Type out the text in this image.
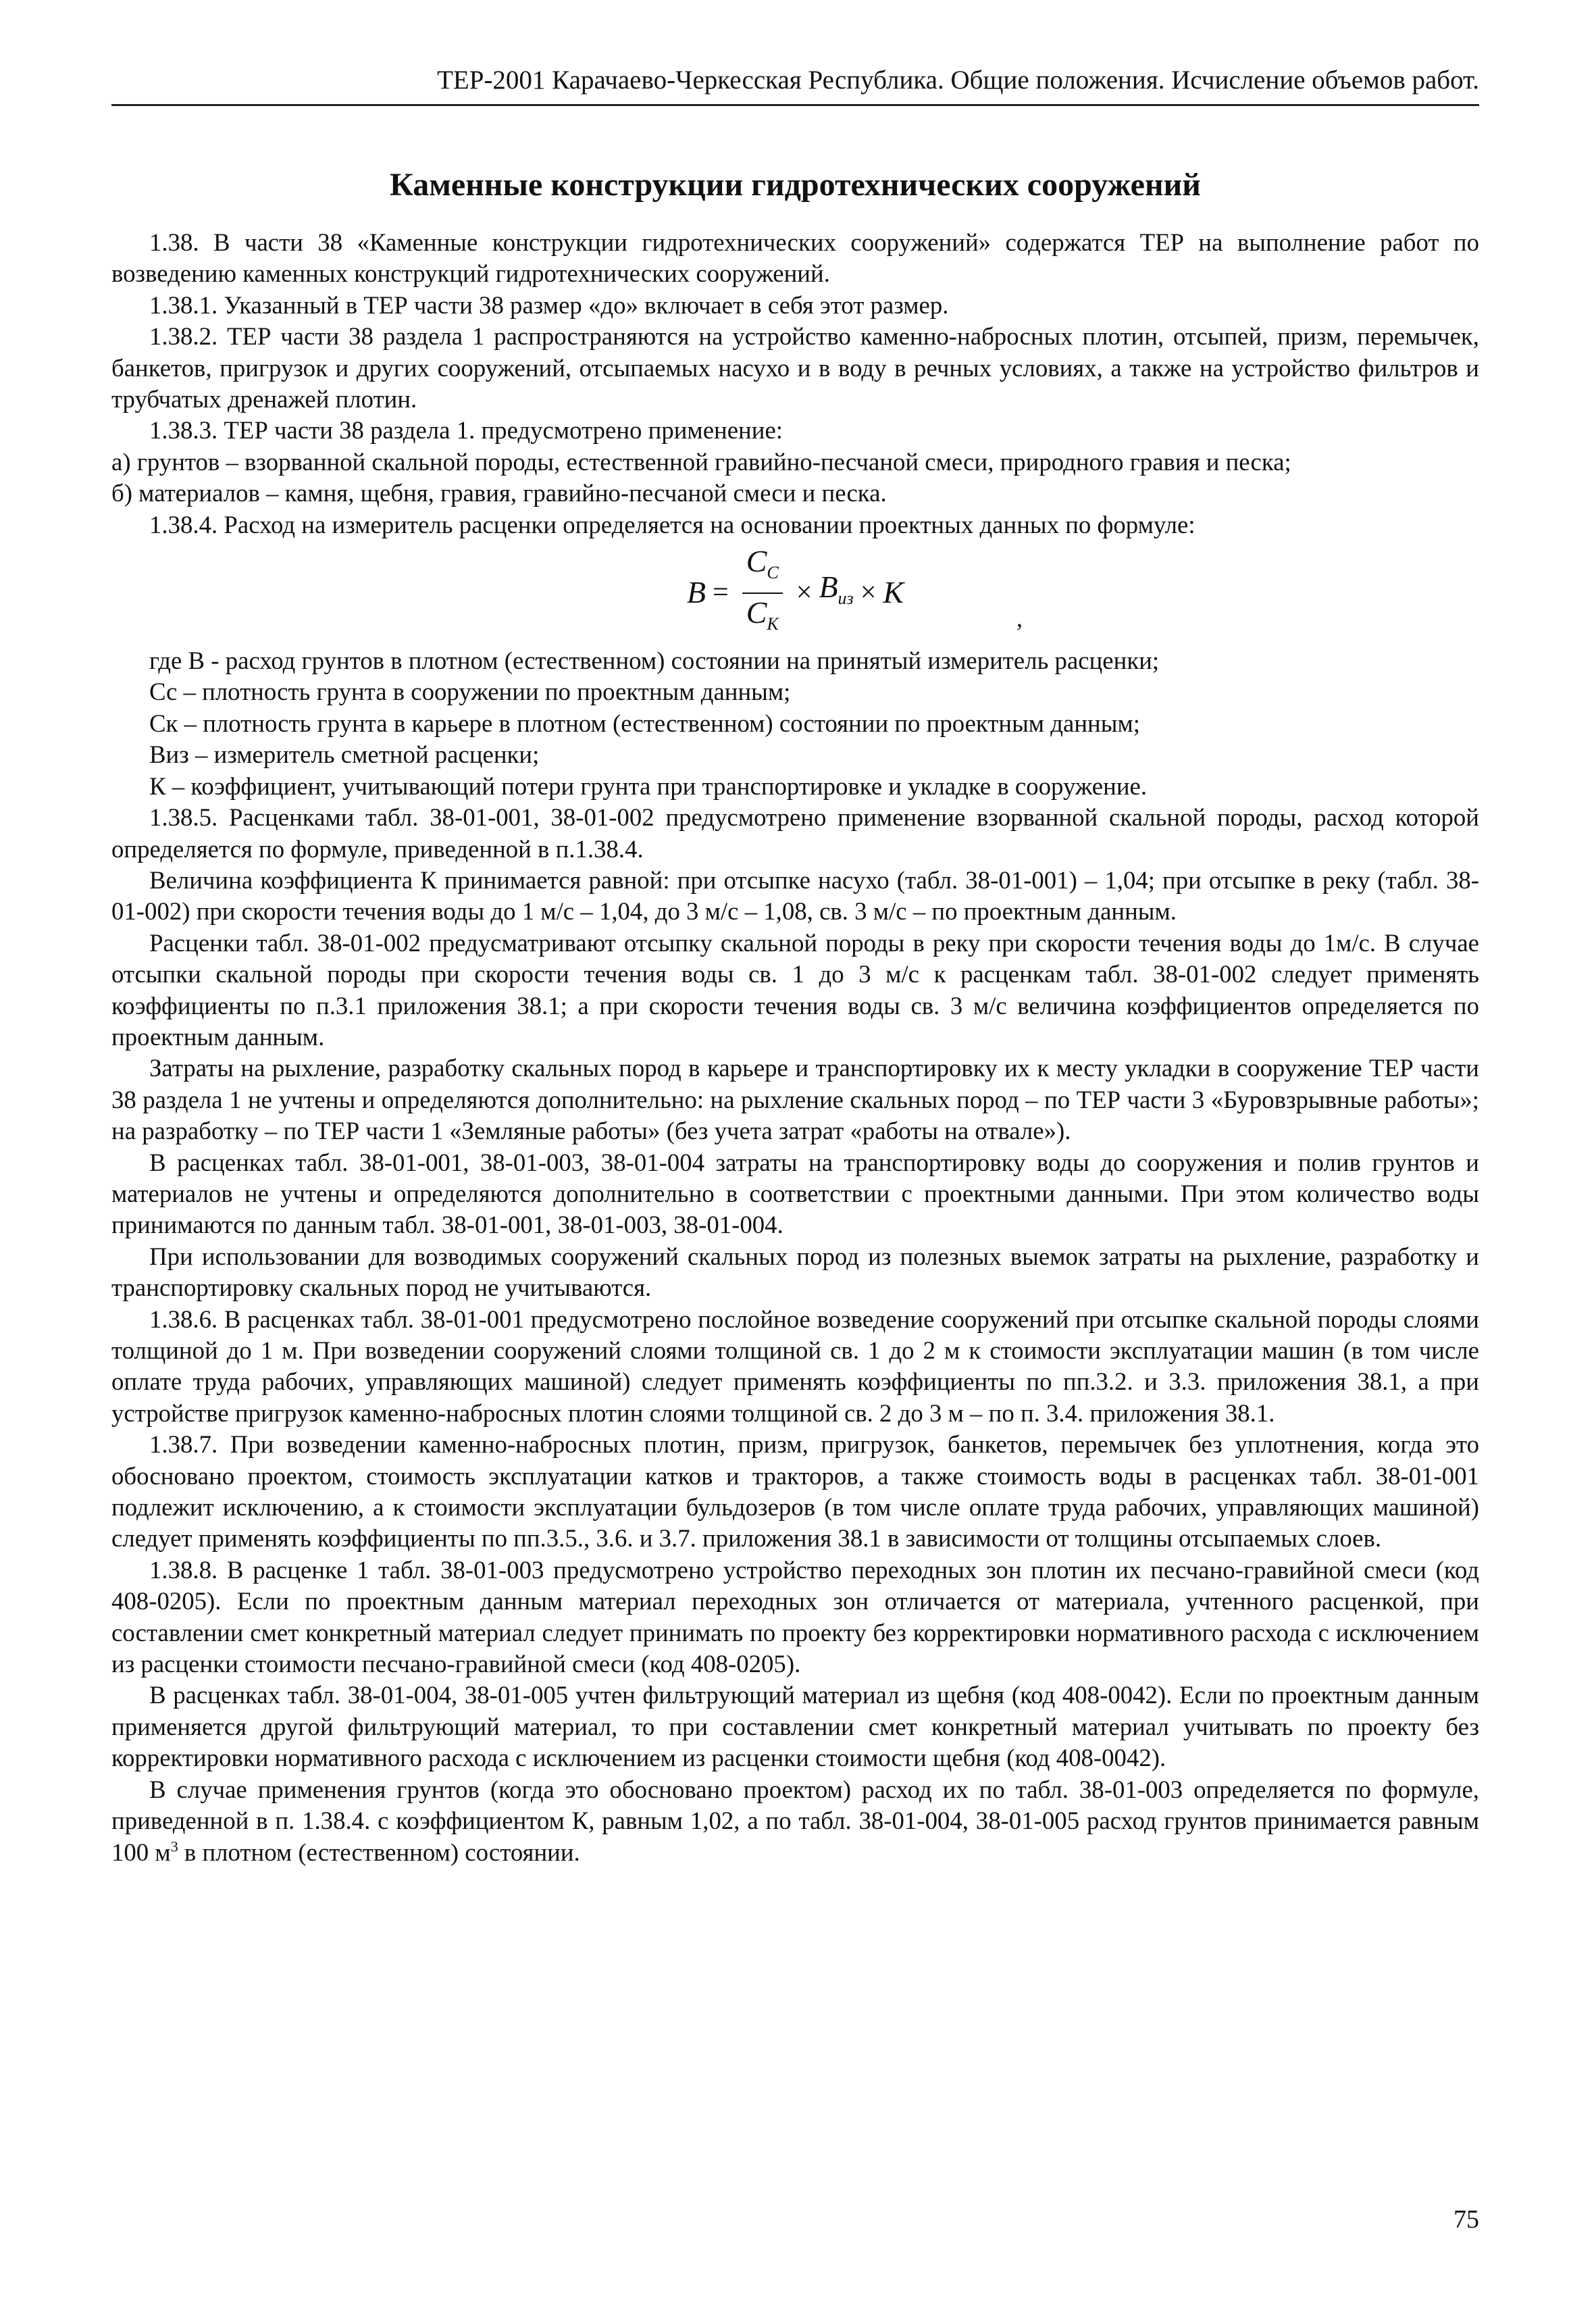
ТЕР-2001 Карачаево-Черкесская Республика. Общие положения. Исчисление объемов работ.
Каменные конструкции гидротехнических сооружений

1.38. В части 38 «Каменные конструкции гидротехнических сооружений» содержатся ТЕР на выполнение работ по возведению каменных конструкций гидротехнических сооружений.

1.38.1. Указанный в ТЕР части 38 размер «до» включает в себя этот размер.

1.38.2. ТЕР части 38 раздела 1 распространяются на устройство каменно-набросных плотин, отсыпей, призм, перемычек, банкетов, пригрузок и других сооружений, отсыпаемых насухо и в воду в речных условиях, а также на устройство фильтров и трубчатых дренажей плотин.

1.38.3. ТЕР части 38 раздела 1. предусмотрено применение:

а) грунтов – взорванной скальной породы, естественной гравийно-песчаной смеси, природного гравия и песка;

б) материалов – камня, щебня, гравия, гравийно-песчаной смеси и песка.

1.38.4. Расход на измеритель расценки определяется на основании проектных данных по формуле:

$B = \frac{C_C}{C_K} \times B_{из} \times K$
,

где В - расход грунтов в плотном (естественном) состоянии на принятый измеритель расценки;

Сс – плотность грунта в сооружении по проектным данным;

Ск – плотность грунта в карьере в плотном (естественном) состоянии по проектным данным;

Виз – измеритель сметной расценки;

К – коэффициент, учитывающий потери грунта при транспортировке и укладке в сооружение.

1.38.5. Расценками табл. 38-01-001, 38-01-002 предусмотрено применение взорванной скальной породы, расход которой определяется по формуле, приведенной в п.1.38.4.

Величина коэффициента К принимается равной: при отсыпке насухо (табл. 38-01-001) – 1,04; при отсыпке в реку (табл. 38-01-002) при скорости течения воды до 1 м/с – 1,04, до 3 м/с – 1,08, св. 3 м/с – по проектным данным.

Расценки табл. 38-01-002 предусматривают отсыпку скальной породы в реку при скорости течения воды до 1м/с. В случае отсыпки скальной породы при скорости течения воды св. 1 до 3 м/с к расценкам табл. 38-01-002 следует применять коэффициенты по п.3.1 приложения 38.1; а при скорости течения воды св. 3 м/с величина коэффициентов определяется по проектным данным.

Затраты на рыхление, разработку скальных пород в карьере и транспортировку их к месту укладки в сооружение ТЕР части 38 раздела 1 не учтены и определяются дополнительно: на рыхление скальных пород – по ТЕР части 3 «Буровзрывные работы»; на разработку – по ТЕР части 1 «Земляные работы» (без учета затрат «работы на отвале»).

В расценках табл. 38-01-001, 38-01-003, 38-01-004 затраты на транспортировку воды до сооружения и полив грунтов и материалов не учтены и определяются дополнительно в соответствии с проектными данными. При этом количество воды принимаются по данным табл. 38-01-001, 38-01-003, 38-01-004.

При использовании для возводимых сооружений скальных пород из полезных выемок затраты на рыхление, разработку и транспортировку скальных пород не учитываются.

1.38.6. В расценках табл. 38-01-001 предусмотрено послойное возведение сооружений при отсыпке скальной породы слоями толщиной до 1 м. При возведении сооружений слоями толщиной св. 1 до 2 м к стоимости эксплуатации машин (в том числе оплате труда рабочих, управляющих машиной) следует применять коэффициенты по пп.3.2. и 3.3. приложения 38.1, а при устройстве пригрузок каменно-набросных плотин слоями толщиной св. 2 до 3 м – по п. 3.4. приложения 38.1.

1.38.7. При возведении каменно-набросных плотин, призм, пригрузок, банкетов, перемычек без уплотнения, когда это обосновано проектом, стоимость эксплуатации катков и тракторов, а также стоимость воды в расценках табл. 38-01-001 подлежит исключению, а к стоимости эксплуатации бульдозеров (в том числе оплате труда рабочих, управляющих машиной) следует применять коэффициенты по пп.3.5., 3.6. и 3.7. приложения 38.1 в зависимости от толщины отсыпаемых слоев.

1.38.8. В расценке 1 табл. 38-01-003 предусмотрено устройство переходных зон плотин их песчано-гравийной смеси (код 408-0205). Если по проектным данным материал переходных зон отличается от материала, учтенного расценкой, при составлении смет конкретный материал следует принимать по проекту без корректировки нормативного расхода с исключением из расценки стоимости песчано-гравийной смеси (код 408-0205).

В расценках табл. 38-01-004, 38-01-005 учтен фильтрующий материал из щебня (код 408-0042). Если по проектным данным применяется другой фильтрующий материал, то при составлении смет конкретный материал учитывать по проекту без корректировки нормативного расхода с исключением из расценки стоимости щебня (код 408-0042).

В случае применения грунтов (когда это обосновано проектом) расход их по табл. 38-01-003 определяется по формуле, приведенной в п. 1.38.4. с коэффициентом К, равным 1,02, а по табл. 38-01-004, 38-01-005 расход грунтов принимается равным 100 $м^3$ в плотном (естественном) состоянии.

75
